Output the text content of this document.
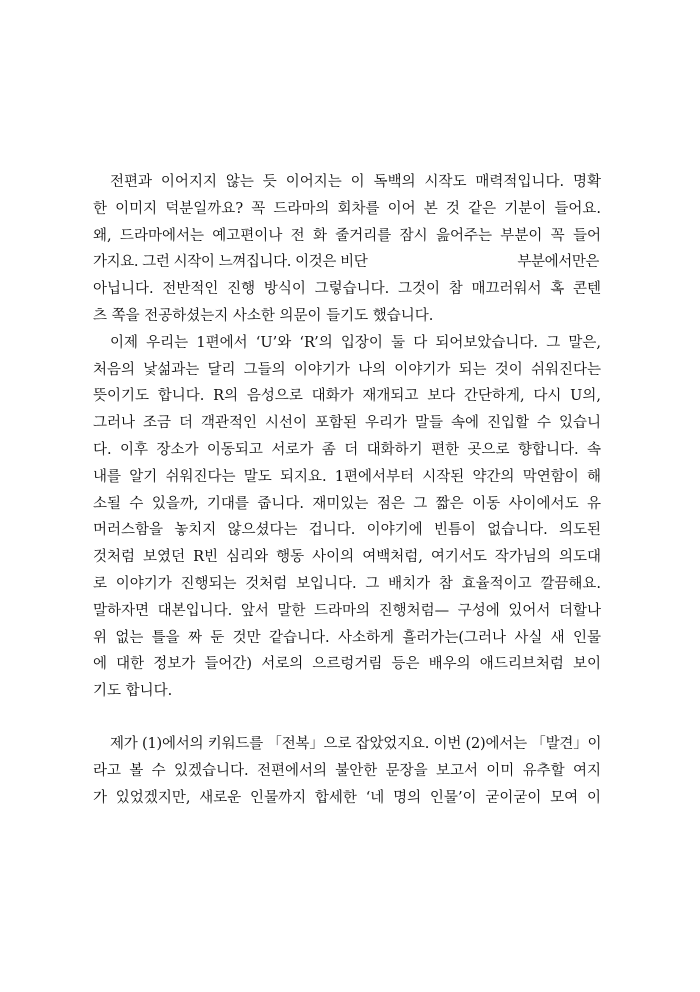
전편과 이어지지 않는 듯 이어지는 이 독백의 시작도 매력적입니다. 명확
한 이미지 덕분일까요? 꼭 드라마의 회차를 이어 본 것 같은 기분이 들어요.
왜, 드라마에서는 예고편이나 전 화 줄거리를 잠시 읊어주는 부분이 꼭 들어
가지요. 그런 시작이 느껴집니다. 이것은 비단	부분에서만은
아닙니다. 전반적인 진행 방식이 그렇습니다. 그것이 참 매끄러워서 혹 콘텐
츠 쪽을 전공하셨는지 사소한 의문이 들기도 했습니다.
이제 우리는 1편에서 ‘U’와 ‘R’의 입장이 둘 다 되어보았습니다. 그 말은,
처음의 낯섦과는 달리 그들의 이야기가 나의 이야기가 되는 것이 쉬워진다는
뜻이기도 합니다. R의 음성으로 대화가 재개되고 보다 간단하게, 다시 U의,
그러나 조금 더 객관적인 시선이 포함된 우리가 말들 속에 진입할 수 있습니
다. 이후 장소가 이동되고 서로가 좀 더 대화하기 편한 곳으로 향합니다. 속
내를 알기 쉬워진다는 말도 되지요. 1편에서부터 시작된 약간의 막연함이 해
소될 수 있을까, 기대를 줍니다. 재미있는 점은 그 짧은 이동 사이에서도 유
머러스함을 놓치지 않으셨다는 겁니다. 이야기에 빈틈이 없습니다. 의도된
것처럼 보였던 R빈 심리와 행동 사이의 여백처럼, 여기서도 작가님의 의도대
로 이야기가 진행되는 것처럼 보입니다. 그 배치가 참 효율적이고 깔끔해요.
말하자면 대본입니다. 앞서 말한 드라마의 진행처럼— 구성에 있어서 더할나
위 없는 틀을 짜 둔 것만 같습니다. 사소하게 흘러가는(그러나 사실 새 인물
에 대한 정보가 들어간) 서로의 으르렁거림 등은 배우의 애드리브처럼 보이
기도 합니다.
제가 (1)에서의 키워드를 「전복」으로 잡았었지요. 이번 (2)에서는 「발견」이
라고 볼 수 있겠습니다. 전편에서의 불안한 문장을 보고서 이미 유추할 여지
가 있었겠지만, 새로운 인물까지 합세한 ‘네 명의 인물’이 굳이굳이 모여 이
